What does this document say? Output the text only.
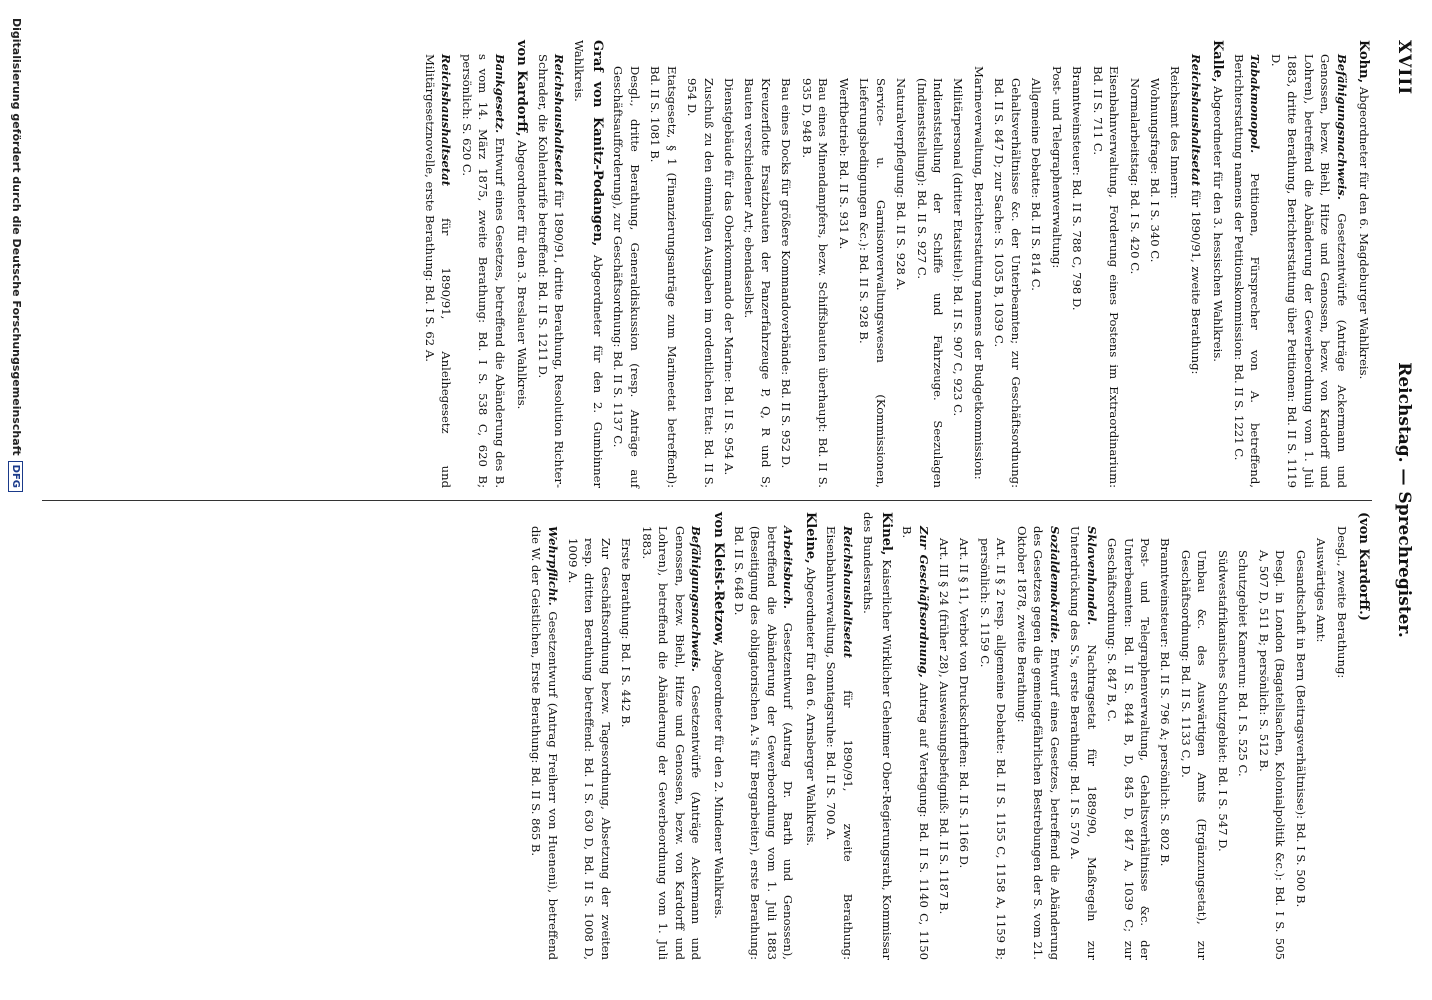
XVIII
Reichstag. — Sprechregister.
Kohn, Abgeordneter für den 6. Magdeburger Wahlkreis.
Befähigungsnachweis. Gesetzentwürfe (Anträge Ackermann und Genossen, bezw. Biehl, Hitze und Genossen, bezw. von Kardorff und Lohren), betreffend die Abänderung der Gewerbeordnung vom 1. Juli 1883, dritte Berathung, Berichterstattung über Petitionen: Bd. II S. 1119 D.
Tabakmonopol. Petitionen, Fürsprecher von A. betreffend, Berichterstattung namens der Petitionskommission: Bd. II S. 1221 C.
Kalle, Abgeordneter für den 3. hessischen Wahlkreis.
Reichshaushaltsetat für 1890/91, zweite Berathung:
Reichsamt des Innern:
Wohnungsfrage: Bd. I S. 340 C.
Normalarbeitstag: Bd. I S. 420 C.
Eisenbahnverwaltung, Forderung eines Postens im Extraordinarium: Bd. II S. 711 C.
Branntweinsteuer: Bd. II S. 788 C, 798 D.
Post- und Telegraphenverwaltung:
Allgemeine Debatte: Bd. II S. 814 C.
Gehaltsverhältnisse &c. der Unterbeamten; zur Geschäftsordnung: Bd. II S. 847 D; zur Sache: S. 1035 B, 1039 C.
Marineverwaltung, Berichterstattung namens der Budgetkommission:
Militärpersonal (dritter Etatstitel): Bd. II S. 907 C, 923 C.
Indienststellung der Schiffe und Fahrzeuge. Seezulagen (Indienststellung): Bd. II S. 927 C.
Naturalverpflegung: Bd. II S. 928 A.
Service- u. Garnisonverwaltungswesen (Kommissionen, Lieferungsbedingungen &c.): Bd. II S. 928 B.
Werftbetrieb: Bd. II S. 931 A.
Bau eines Minendampfers, bezw. Schiffsbauten überhaupt: Bd. II S. 935 D, 948 B.
Bau eines Docks für größere Kommandoverbände: Bd. II S. 952 D.
Kreuzerflotte Ersatzbauten der Panzerfahrzeuge P, Q, R und S; Bauten verschiedener Art; ebendaselbst.
Dienstgebäude für das Oberkommando der Marine: Bd. II S. 954 A.
Zuschuß zu den einmaligen Ausgaben im ordentlichen Etat: Bd. II S. 954 D.
Etatsgesetz, § 1 (Finanzierungsanträge zum Marineetat betreffend): Bd. II S. 1081 B.
Desgl., dritte Berathung, Generaldiskussion (resp. Anträge auf Geschäftsaufforderung), zur Geschäftsordnung: Bd. II S. 1137 C.
Graf von Kanitz-Podangen, Abgeordneter für den 2. Gumbinner Wahlkreis.
Reichshaushaltsetat für 1890/91, dritte Berathung, Resolution Richter-Schrader, die Kohlentarife betreffend: Bd. II S. 1211 D.
von Kardorff, Abgeordneter für den 3. Breslauer Wahlkreis.
Bankgesetz. Entwurf eines Gesetzes, betreffend die Abänderung des B. s vom 14. März 1875, zweite Berathung: Bd. I S. 538 C, 620 B; persönlich: S. 620 C.
Reichshaushaltsetat für 1890/91, Anleihegesetz und Militärgesetznovelle, erste Berathung: Bd. I S. 62 A.
(von Kardorff.)
Desgl., zweite Berathung:
Auswärtiges Amt:
Gesandtschaft in Bern (Beitragsverhältnisse): Bd. I S. 500 B.
Desgl. in London (Bagatellsachen, Kolonialpolitik &c.): Bd. I S. 505 A, 507 D, 511 B; persönlich: S. 512 B.
Schutzgebiet Kamerun: Bd. I S. 525 C.
Südwestafrikanisches Schutzgebiet: Bd. I S. 547 D.
Umbau &c. des Auswärtigen Amts (Ergänzungsetat), zur Geschäftsordnung: Bd. II S. 1133 C, D.
Branntweinsteuer: Bd. II S. 796 A; persönlich: S. 802 B.
Post- und Telegraphenverwaltung, Gehaltsverhältnisse &c. der Unterbeamten: Bd. II S. 844 B, D, 845 D, 847 A, 1039 C; zur Geschäftsordnung: S. 847 B, C.
Sklavenhandel. Nachtragsetat für 1889/90, Maßregeln zur Unterdrückung des S.'s, erste Berathung: Bd. I S. 570 A.
Sozialdemokratie. Entwurf eines Gesetzes, betreffend die Abänderung des Gesetzes gegen die gemeingefährlichen Bestrebungen der S. vom 21. Oktober 1878, zweite Berathung:
Art. II § 2 resp. allgemeine Debatte: Bd. II S. 1155 C, 1158 A, 1159 B; persönlich: S. 1159 C.
Art. II § 11, Verbot von Druckschriften: Bd. II S. 1166 D.
Art. III § 24 (früher 28), Ausweisungsbefugniß: Bd. II S. 1187 B.
Zur Geschäftsordnung, Antrag auf Vertagung: Bd. II S. 1140 C, 1150 B.
Kinel, Kaiserlicher Wirklicher Geheimer Ober-Regierungsrath, Kommissar des Bundesraths.
Reichshaushaltsetat für 1890/91, zweite Berathung: Eisenbahnverwaltung, Sonntagsruhe: Bd. II S. 700 A.
Kleine, Abgeordneter für den 6. Arnsberger Wahlkreis.
Arbeitsbuch. Gesetzentwurf (Antrag Dr. Barth und Genossen), betreffend die Abänderung der Gewerbeordnung vom 1. Juli 1883 (Beseitigung des obligatorischen A.'s für Bergarbeiter), erste Berathung: Bd. II S. 648 D.
von Kleist-Retzow, Abgeordneter für den 2. Mindener Wahlkreis.
Befähigungsnachweis. Gesetzentwürfe (Anträge Ackermann und Genossen, bezw. Biehl, Hitze und Genossen, bezw. von Kardorff und Lohren), betreffend die Abänderung der Gewerbeordnung vom 1. Juli 1883.
Erste Berathung: Bd. I S. 442 B.
Zur Geschäftsordnung bezw. Tagesordnung, Absetzung der zweiten resp. dritten Berathung betreffend: Bd. I S. 630 D, Bd. II S. 1008 D, 1009 A.
Wehrpflicht. Gesetzentwurf (Antrag Freiherr von Hueneni), betreffend die W. der Geistlichen, Erste Berathung: Bd. II S. 865 B.
Digitalisierung gefördert durch die Deutsche ForschungsgemeinschaftDFG
